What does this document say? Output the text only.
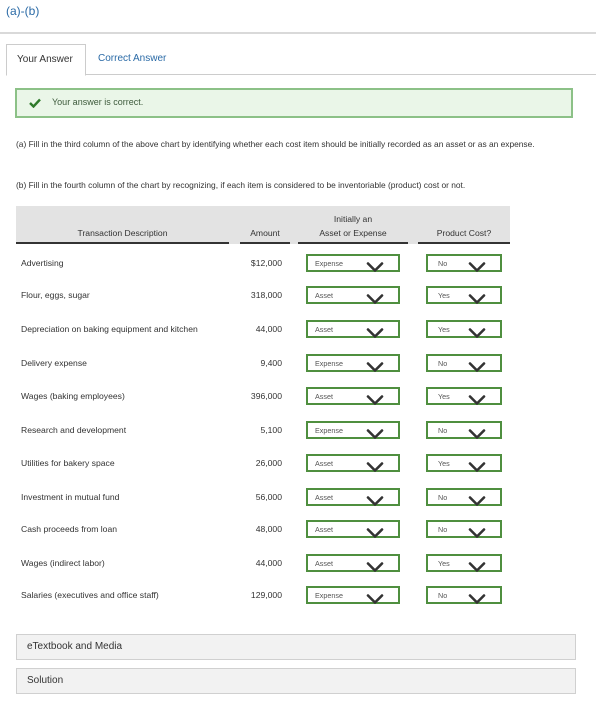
(a)-(b)
Your Answer	Correct Answer
Your answer is correct.
(a) Fill in the third column of the above chart by identifying whether each cost item should be initially recorded as an asset or as an expense.
(b) Fill in the fourth column of the chart by recognizing, if each item is considered to be inventoriable (product) cost or not.
Transaction Description	Amount
Initially an
Asset or Expense	Product Cost?
Advertising	$12,000	Expense	No
Flour, eggs, sugar	318,000	Asset	Yes
Depreciation on baking equipment and kitchen	44,000	Asset	Yes
Delivery expense	9,400	Expense	No
Wages (baking employees)	396,000	Asset	Yes
Research and development	5,100	Expense	No
Utilities for bakery space	26,000	Asset	Yes
Investment in mutual fund	56,000	Asset	No
Cash proceeds from loan	48,000	Asset	No
Wages (indirect labor)	44,000	Asset	Yes
Salaries (executives and office staff)	129,000	Expense	No
eTextbook and Media
Solution
